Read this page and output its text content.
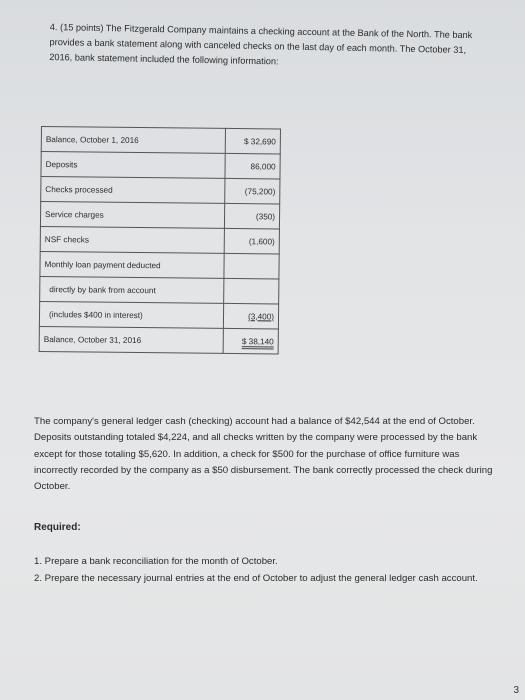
4. (15 points) The Fitzgerald Company maintains a checking account at the Bank of the North. The bank provides a bank statement along with canceled checks on the last day of each month. The October 31, 2016, bank statement included the following information:
Balance, October 1, 2016	$ 32,690
Deposits	86,000
Checks processed	(75,200)
Service charges	(350)
NSF checks	(1,600)
Monthly loan payment deducted	
directly by bank from account	
(includes $400 in interest)	(3,400)
Balance, October 31, 2016	$ 38,140
The company's general ledger cash (checking) account had a balance of $42,544 at the end of October. Deposits outstanding totaled $4,224, and all checks written by the company were processed by the bank except for those totaling $5,620. In addition, a check for $500 for the purchase of office furniture was incorrectly recorded by the company as a $50 disbursement. The bank correctly processed the check during October.
Required:
1. Prepare a bank reconciliation for the month of October.
2. Prepare the necessary journal entries at the end of October to adjust the general ledger cash account.
3
